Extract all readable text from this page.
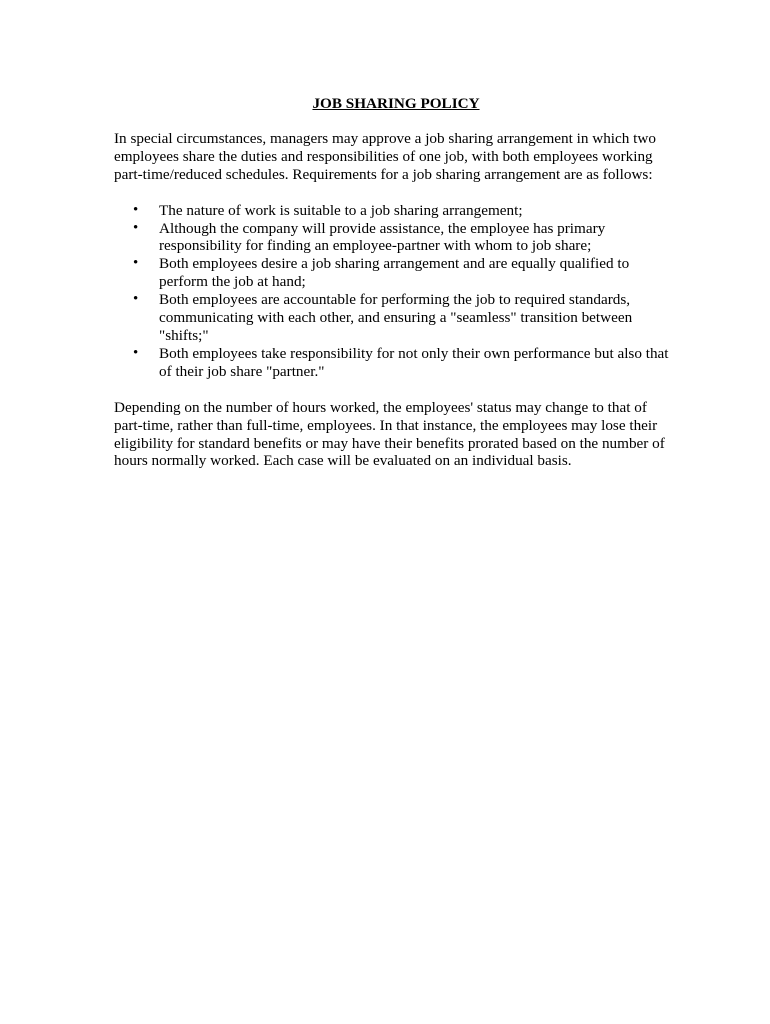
JOB SHARING POLICY

In special circumstances, managers may approve a job sharing arrangement in which two employees share the duties and responsibilities of one job, with both employees working part-time/reduced schedules. Requirements for a job sharing arrangement are as follows:

• The nature of work is suitable to a job sharing arrangement;
• Although the company will provide assistance, the employee has primary responsibility for finding an employee-partner with whom to job share;
• Both employees desire a job sharing arrangement and are equally qualified to perform the job at hand;
• Both employees are accountable for performing the job to required standards, communicating with each other, and ensuring a "seamless" transition between "shifts;"
• Both employees take responsibility for not only their own performance but also that of their job share "partner."

Depending on the number of hours worked, the employees' status may change to that of part-time, rather than full-time, employees. In that instance, the employees may lose their eligibility for standard benefits or may have their benefits prorated based on the number of hours normally worked. Each case will be evaluated on an individual basis.
